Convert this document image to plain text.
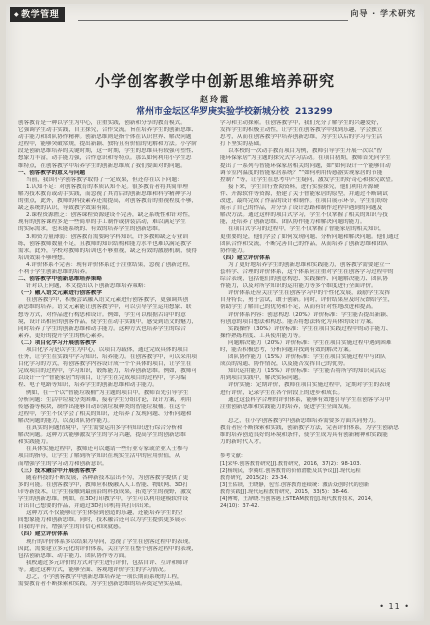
◆ 教学管理	向导 · 学术研究
小学创客教学中创新思维培养研究
赵玲霞
常州市金坛区华罗庚实验学校新城分校 213299
创客教育是一种以学生为中心，注重实践，创新和分享的教育模式。
它强调学生动手实践，自主探究，合作交流。旨在培养学生的创新思维、
动手能力和团队协作精神。创新思维则是指个体在认识世界、解决问题
过程中，能够突破常规，提出新颖、独特且有价值的见解和方法。小学阶
段是创新思维培养的关键时期，这一时期，学生的思维具有较强可塑性、
想象力丰富，动手能力强，合作意识和等特点。那么如何利用小学生思
维特点，在创客教学中培养学生的创新思维成了我们要面对的问题。
一、创客教学的意义与问题
当前，我国小学创客教学取得了一定成果，但还存在以下问题：
1.认知不足：对创客教育的本质认知不足。很多教育者将其简单理
解为技术教育或动手实践，而忽视了其背后的创新思维和科学精神学习
的重点，此外，教师的科技素养还需提高，对创客教育的重视程度不够，
缺乏系统的认识，导致教学效果有限。
2.课程资源匮乏：创客课程资源建设不完善，缺乏系统性和针对性，
现有的创客课程多是一些简单的手工制作或拼装活动，难以满足学生
的实际需求，也未能系统的、有效的培养学生的创新思维。
3.师资力量薄弱：创客教育需要跨学科知识，许多教师缺乏专业训
练，创客教师数量不足，且教师的知识结构和能力水平也难以满足教学
需求。此外，学校对教师的培训也不够重视，缺乏有效的激励机制，使得
培训效果不够理想。
4.评价体系不完善：现有评价体系过于注重结果，忽视了创新过程，
不利于学生创新思维的培养。
二、创客教学中创新思维培养策略
针对以上问题，本文提出以下创新思维培养策略：
（一）融入语文元素进行创客教学
在创客教学中，积极尝试融入语文元素进行创客教学，更强调其创
新思维的培养。语文元素能让创客教学中，可以引导学生运用想象、联
想等方式，对作品进行构思和设计。例如，学生可以根据古诗中的意
境，设计出相应的创客作品，使学生在动手实践中，感受到语文的魅力，
同时培养了学生的创新思维和动手能力。这种方式也培养学生的综合
素养，更好的提升学生的核心素养。
（二）项目化学习开展创客教学
项目化学习是以学生为中心，以项目为载体，通过完成具体的项目
任务，让学生在实践中学习知识、培养能力。在创客教学中，可以采用项
目化学习的方式，将创客教学内容设计成一个个具体的项目，让学生在
完成项目的过程中，学习知识，锻炼能力，培养创新思维。例如，教师可
以设计一个“智能家居”的项目，让学生在完成项目的过程中，学习编
程、电子电路等知识，培养学生的创新思维和动手能力。
例如，在一个以“智能垃圾桶”为主题的项目中，教师首先引导学生
分析问题：生活中垃圾分类困难，接着学生分组讨论，设计方案，利用
传感器等模块，制作出能够自动识别垃圾种类的智能垃圾桶。在这个
过程中，学生不仅学会了相关的知识，还培养了发现问题、分析问题和
解决问题的能力，以及团队协作能力。
在真实的问题情境中，学生需要运用多学科知识进行综合分析和
解决问题。这种方式能够激发学生的学习兴趣，提高学生的创新思维
和实践能力。
在具体实施过程中，教师还可以邀请一些行业专家或企业人士参与
项目的指导，让学生了解到所学知识在现实生活中的应用价值，从
而增强学生的学习动力和创新意识。
（三）技术融合中开展创客教学
随着科技的不断发展，各种新技术层出不穷，为创客教学提供了更
多的可能。在创客教学中，教师应积极融入人工智能、物联网、3D打
印等新技术，让学生接触到最前沿的科技成果，拓宽学生的视野，激发
学生的创新思维。例如，在3D打印教学中，学生可以利用建模软件设
计出自己想要的作品，并通过3D打印机将其打印出来。
这种方式不仅能够让学生体验到创造的乐趣，还能培养学生的空
间想象能力和创新思维。同时，技术融合还可以为学生提供更多展示
自我的平台，增强学生的自信心和成就感。
（四）建立评价体系
现行的评价体系多以结果为导向，忽视了学生在创客过程中的表现。
因此，需要建立多元化的评价体系，关注学生在整个创客过程中的表现，
包括创新思维、动手能力、团队协作等方面。
我校通过多元评价的方式对学生进行评价，包括自评、互评和师评
等。通过这种方式，能够全面、客观地评价学生的学习情况。
总之，小学创客教学中创新思维培养是一项长期而系统的工程，
需要教育者不断探索和实践，为学生创新思维的培养奠定坚实基础。
学习和主动探索。在创客教学中，我们充分了解学生的兴趣爱好，
发挥学生的积极主动性，让学生在创客教学中找到乐趣，学会独立
思考，从而在创客教学中培养创新思维，为学生以后的学习与生活
打下坚实的基础。
以本校的一次动手教育项目为例，教师引导学生开展一次以“智
能环保家居”为主题的探究式学习活动。在项目初期，教师首先向学生
提出了一系列与智能环保家居相关的问题，如“如何设计一个能够自动
调节室内温度的智能家居系统？”“如何利用传感器实现家居的节能
控制？”等，让学生在思考中产生疑问，激发学生的好奇心和探究欲望。
接下来，学生自行查阅资料，进行实验探究，他们利用开源硬
件、开源软件等资源，搭建了关于智能家居的原型，并通过不断调试
改进，最终完成了作品的设计和制作。在项目展示环节，学生们纷纷
展示了自己的作品，并分享了设计思路和制作过程中遇到的问题及
解决方法。通过这样的项目式学习，学生不仅掌握了相关的知识与技
能，还培养了创新思维、团队协作能力和解决问题的能力。
在项目式学习的过程中，学生不仅掌握了智能家居的相关知识，
更重要的是，他们学会了如何发现问题、分析问题和解决问题。他们通过
团队合作和交流，不断完善自己的作品，从而培养了创新思维和团队
协作能力。
（四）建立评价体系
为了更好地培养学生的创新思维和实践能力，创客教学需要建立一
套科学、合理的评价体系，这个体系应注重对学生在创客学习过程中的
综合表现，包括他们的创意构思、实践操作、问题解决能力、团队协
作能力，以及对所学知识的运用能力等多个维度进行全面评价。
评价体系还应关注学生在创客学习中的个性化发展，鼓励学生发挥
自身特长，勇于尝试，敢于创新。同时，评价结果应及时反馈给学生，
帮助学生了解自己的优势和不足，从而有针对性地改进和提高。
评价体系内容：创意构思（20%）评价标准：学生能否提出新颖、
有创意的项目想法和构思。能否将想法转化为具体的设计方案。
实践操作（30%）评价标准：学生在项目实践过程中的动手能力、
操作熟练程度、工具使用能力等。
问题解决能力（20%）评价标准：学生在项目实施过程中遇到困难
时，能否积极思考，分析问题并找到有效的解决方案。
团队协作能力（15%）评价标准：学生在项目实施过程中与团队
成员的沟通、协作情况，以及能否发挥自己的优势。
知识运用能力（15%）评价标准：学生能否将所学的知识灵活运
用到项目实践中，解决实际问题。
评价实施：定期评价，教师在项目实施过程中，定期对学生的表现
进行评价，记录学生在各个阶段上的进步和成长。
通过这套科学合理的评价体系，能够有效地引导学生在创客学习中
注重创新思维和实践能力的培养，促进学生全面发展。
总之，在小学创客教学中创新思维培养需要多方面共同努力。
教育者应不断探索和实践，创新教学方法，完善评价体系，为学生创新思
维的培养创造良好的环境和条件，使学生成为具有创新精神和实践能
力的新时代人才。
参考文献：
[1]宋华.创客教育研究[J].教育研究，2016，37(2)：98-103.
[2]杨现民，李冀红.创客教育的价值潜能及其争议[J].现代远程
教育研究，2015(2)：23-34.
[3]王佑镁，王晓静，包雪.创客教育连续统：激活众创时代的创新
教育实践[J].现代远程教育研究，2015，33(5)：38-46.
[4]傅骞，王辞晓.当创客遇上STEAM教育[J].现代教育技术，2014，
24(10)：37-42.
• 11 •
